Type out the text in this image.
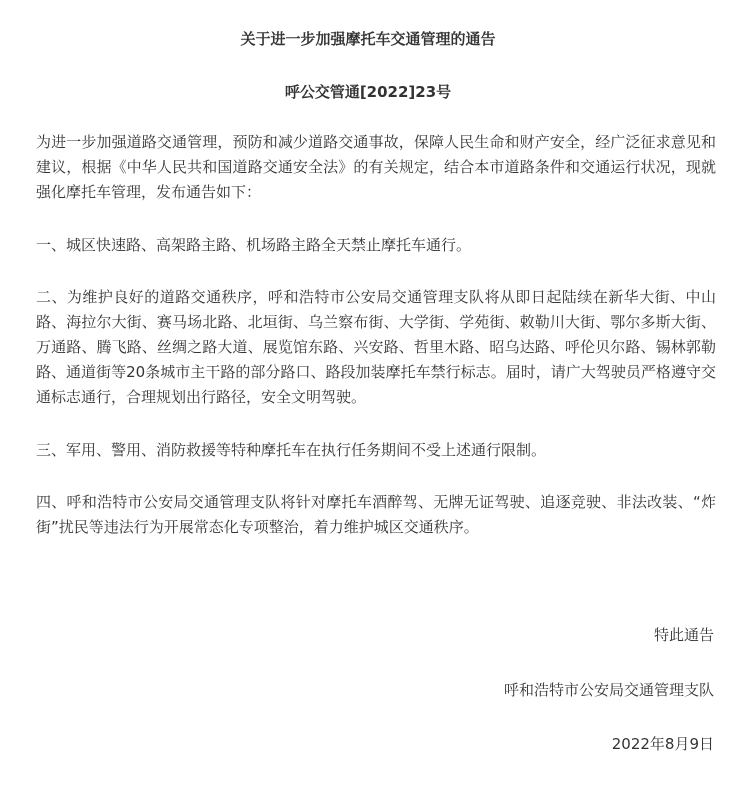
关于进一步加强摩托车交通管理的通告
呼公交管通[2022]23号

为进一步加强道路交通管理，预防和减少道路交通事故，保障人民生命和财产安全，经广泛征求意见和建议，根据《中华人民共和国道路交通安全法》的有关规定，结合本市道路条件和交通运行状况，现就强化摩托车管理，发布通告如下：

一、城区快速路、高架路主路、机场路主路全天禁止摩托车通行。

二、为维护良好的道路交通秩序，呼和浩特市公安局交通管理支队将从即日起陆续在新华大街、中山路、海拉尔大街、赛马场北路、北垣街、乌兰察布街、大学街、学苑街、敕勒川大街、鄂尔多斯大街、万通路、腾飞路、丝绸之路大道、展览馆东路、兴安路、哲里木路、昭乌达路、呼伦贝尔路、锡林郭勒路、通道街等20条城市主干路的部分路口、路段加装摩托车禁行标志。届时，请广大驾驶员严格遵守交通标志通行，合理规划出行路径，安全文明驾驶。

三、军用、警用、消防救援等特种摩托车在执行任务期间不受上述通行限制。

四、呼和浩特市公安局交通管理支队将针对摩托车酒醉驾、无牌无证驾驶、追逐竞驶、非法改装、“炸街”扰民等违法行为开展常态化专项整治，着力维护城区交通秩序。

特此通告
呼和浩特市公安局交通管理支队
2022年8月9日
